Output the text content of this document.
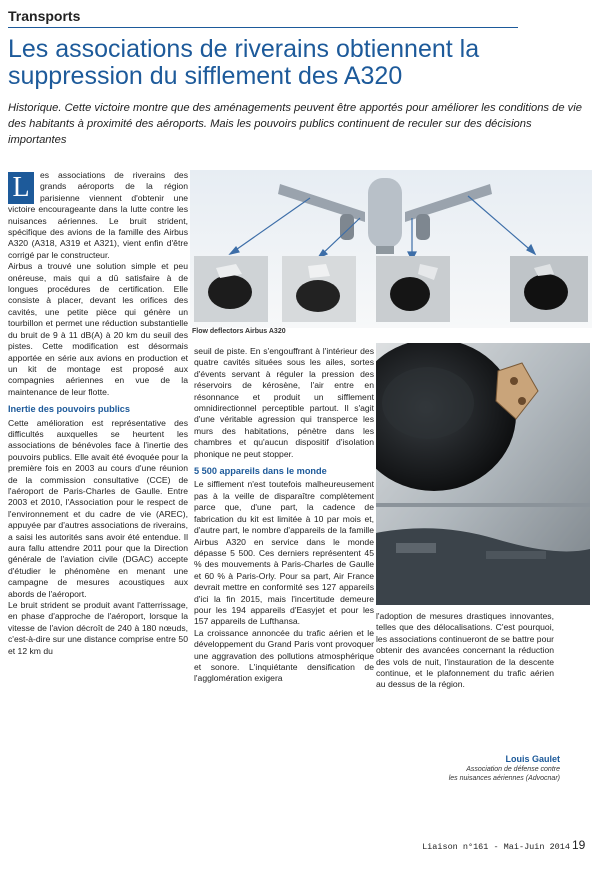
Transports
Les associations de riverains obtiennent la suppression du sifflement des A320

Historique. Cette victoire montre que des aménagements peuvent être apportés pour améliorer les conditions de vie des habitants à proximité des aéroports. Mais les pouvoirs publics continuent de reculer sur des décisions importantes

L	es associations de riverains des grands aéroports de la région parisienne viennent d'obtenir une victoire encourageante dans la lutte contre les nuisances aériennes. Le bruit strident, spécifique des avions de la famille des Airbus A320 (A318, A319 et A321), vient enfin d'être corrigé par le constructeur.

Airbus a trouvé une solution simple et peu onéreuse, mais qui a dû satisfaire à de longues procédures de certification. Elle consiste à placer, devant les orifices des cavités, une petite pièce qui génère un tourbillon et permet une réduction substantielle du bruit de 9 à 11 dB(A) à 20 km du seuil des pistes. Cette modification est désormais apportée en série aux avions en production et un kit de montage est proposé aux compagnies aériennes en vue de la maintenance de leur flotte.

Inertie des pouvoirs publics

Cette amélioration est représentative des difficultés auxquelles se heurtent les associations de bénévoles face à l'inertie des pouvoirs publics. Elle avait été évoquée pour la première fois en 2003 au cours d'une réunion de la commission consultative (CCE) de l'aéroport de Paris-Charles de Gaulle. Entre 2003 et 2010, l'Association pour le respect de l'environnement et du cadre de vie (AREC), appuyée par d'autres associations de riverains, a saisi les autorités sans avoir été entendue. Il aura fallu attendre 2011 pour que la Direction générale de l'aviation civile (DGAC) accepte d'étudier le phénomène en menant une campagne de mesures acoustiques aux abords de l'aéroport.

Le bruit strident se produit avant l'atterrissage, en phase d'approche de l'aéroport, lorsque la vitesse de l'avion décroît de 240 à 180 nœuds, c'est-à-dire sur une distance comprise entre 50 et 12 km du

Flow deflectors Airbus A320

seuil de piste. En s'engouffrant à l'intérieur des quatre cavités situées sous les ailes, sortes d'évents servant à réguler la pression des réservoirs de kérosène, l'air entre en résonnance et produit un sifflement omnidirectionnel perceptible partout. Il s'agit d'une véritable agression qui transperce les murs des habitations, pénètre dans les chambres et qu'aucun dispositif d'isolation phonique ne peut stopper.

5 500 appareils dans le monde

Le sifflement n'est toutefois malheureusement pas à la veille de disparaître complètement parce que, d'une part, la cadence de fabrication du kit est limitée à 10 par mois et, d'autre part, le nombre d'appareils de la famille Airbus A320 en service dans le monde dépasse 5 500. Ces derniers représentent 45 % des mouvements à Paris-Charles de Gaulle et 60 % à Paris-Orly. Pour sa part, Air France devrait mettre en conformité ses 127 appareils d'ici la fin 2015, mais l'incertitude demeure pour les 194 appareils d'Easyjet et pour les 157 appareils de Lufthansa.

La croissance annoncée du trafic aérien et le développement du Grand Paris vont provoquer une aggravation des pollutions atmosphérique et sonore. L'inquiétante densification de l'agglomération exigera

l'adoption de mesures drastiques innovantes, telles que des délocalisations. C'est pourquoi, les associations continueront de se battre pour obtenir des avancées concernant la réduction des vols de nuit, l'instauration de la descente continue, et le plafonnement du trafic aérien au dessus de la région.

Louis Gaulet
Association de défense contre
les nuisances aériennes (Advocnar)
Liaison n°161 - Mai-Juin 2014 19
